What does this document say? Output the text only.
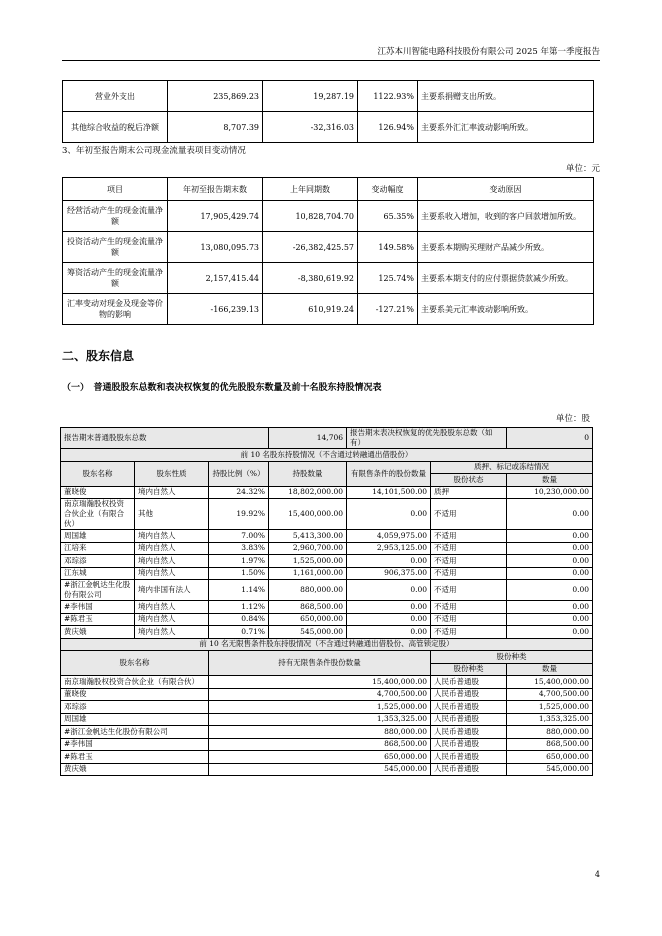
江苏本川智能电路科技股份有限公司 2025 年第一季度报告
营业外支出	235,869.23	19,287.19	1122.93%	主要系捐赠支出所致。
其他综合收益的税后净额	8,707.39	-32,316.03	126.94%	主要系外汇汇率波动影响所致。
3、年初至报告期末公司现金流量表项目变动情况
单位：元
项目	年初至报告期末数	上年同期数	变动幅度	变动原因
经营活动产生的现金流量净额	17,905,429.74	10,828,704.70	65.35%	主要系收入增加，收到的客户回款增加所致。
投资活动产生的现金流量净额	13,080,095.73	-26,382,425.57	149.58%	主要系本期购买理财产品减少所致。
筹资活动产生的现金流量净额	2,157,415.44	-8,380,619.92	125.74%	主要系本期支付的应付票据贷款减少所致。
汇率变动对现金及现金等价物的影响	-166,239.13	610,919.24	-127.21%	主要系美元汇率波动影响所致。
二、股东信息
（一）　普通股股东总数和表决权恢复的优先股股东数量及前十名股东持股情况表
单位：股
报告期末普通股股东总数			14,706	报告期末表决权恢复的优先股股东总数（如有）		0
前 10 名股东持股情况（不含通过转融通出借股份）						
股东名称	股东性质	持股比例（%）	持股数量	有限售条件的股份数量	质押、标记或冻结情况	
					股份状态	数量
董晓俊	境内自然人	24.32%	18,802,000.00	14,101,500.00	质押	10,230,000.00
南京瑞瀚股权投资合伙企业（有限合伙）	其他	19.92%	15,400,000.00	0.00	不适用	0.00
周国雄	境内自然人	7.00%	5,413,300.00	4,059,975.00	不适用	0.00
江培来	境内自然人	3.83%	2,960,700.00	2,953,125.00	不适用	0.00
邓琮添	境内自然人	1.97%	1,525,000.00	0.00	不适用	0.00
江东城	境内自然人	1.50%	1,161,000.00	906,375.00	不适用	0.00
#浙江金帆达生化股份有限公司	境内非国有法人	1.14%	880,000.00	0.00	不适用	0.00
#李伟国	境内自然人	1.12%	868,500.00	0.00	不适用	0.00
#陈君玉	境内自然人	0.84%	650,000.00	0.00	不适用	0.00
黄庆娥	境内自然人	0.71%	545,000.00	0.00	不适用	0.00
前 10 名无限售条件股东持股情况（不含通过转融通出借股份、高管锁定股）						
股东名称		持有无限售条件股份数量			股份种类	
					股份种类	数量
南京瑞瀚股权投资合伙企业（有限合伙）		15,400,000.00			人民币普通股	15,400,000.00
董晓俊		4,700,500.00			人民币普通股	4,700,500.00
邓琮添		1,525,000.00			人民币普通股	1,525,000.00
周国雄		1,353,325.00			人民币普通股	1,353,325.00
#浙江金帆达生化股份有限公司		880,000.00			人民币普通股	880,000.00
#李伟国		868,500.00			人民币普通股	868,500.00
#陈君玉		650,000.00			人民币普通股	650,000.00
黄庆娥		545,000.00			人民币普通股	545,000.00
4
